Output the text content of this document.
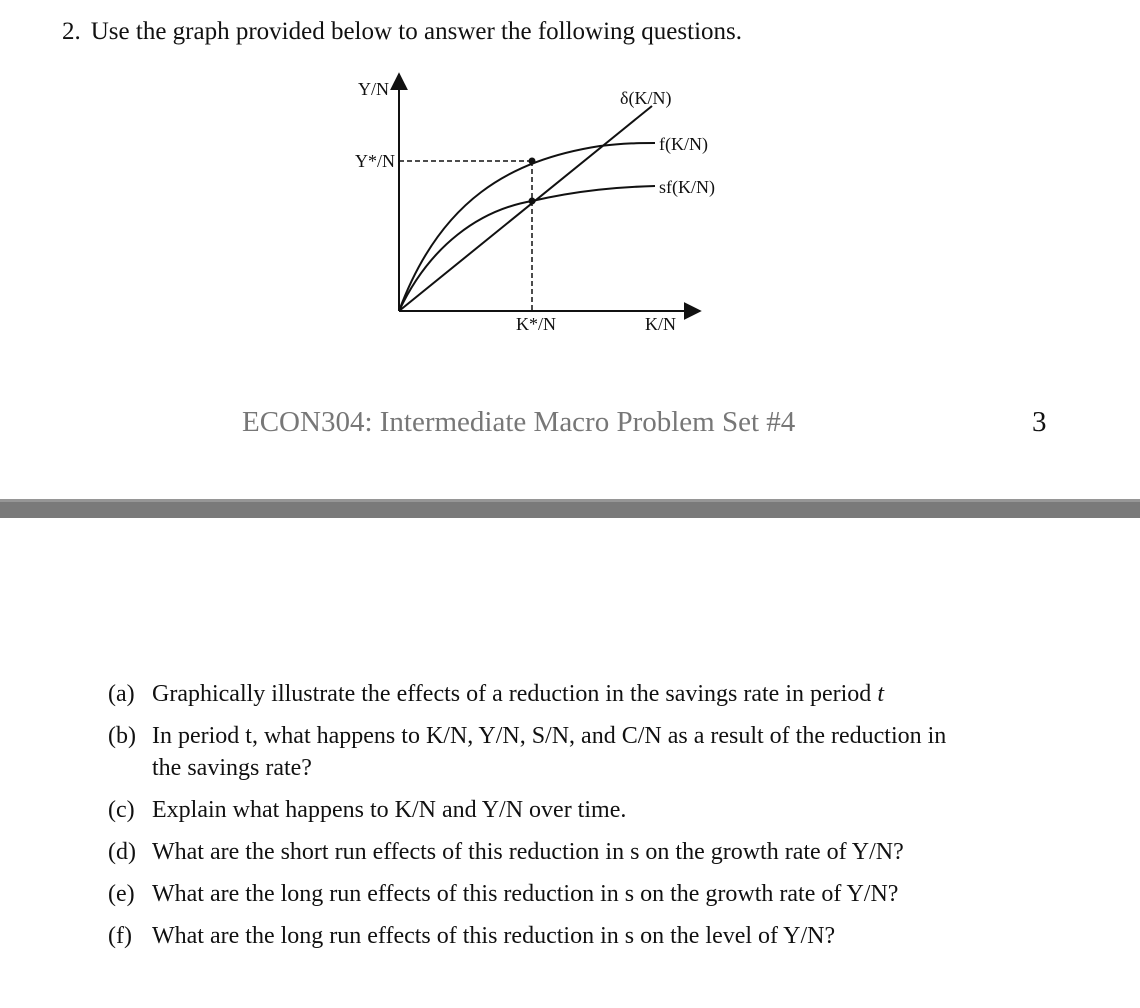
2. Use the graph provided below to answer the following questions.
Y/N
Y*/N
K*/N	K/N
δ(K/N)
f(K/N)
sf(K/N)
ECON304: Intermediate Macro Problem Set #4	3
(a) Graphically illustrate the effects of a reduction in the savings rate in period t
(b) In period t, what happens to K/N, Y/N, S/N, and C/N as a result of the reduction in
the savings rate?
(c) Explain what happens to K/N and Y/N over time.
(d) What are the short run effects of this reduction in s on the growth rate of Y/N?
(e) What are the long run effects of this reduction in s on the growth rate of Y/N?
(f) What are the long run effects of this reduction in s on the level of Y/N?
